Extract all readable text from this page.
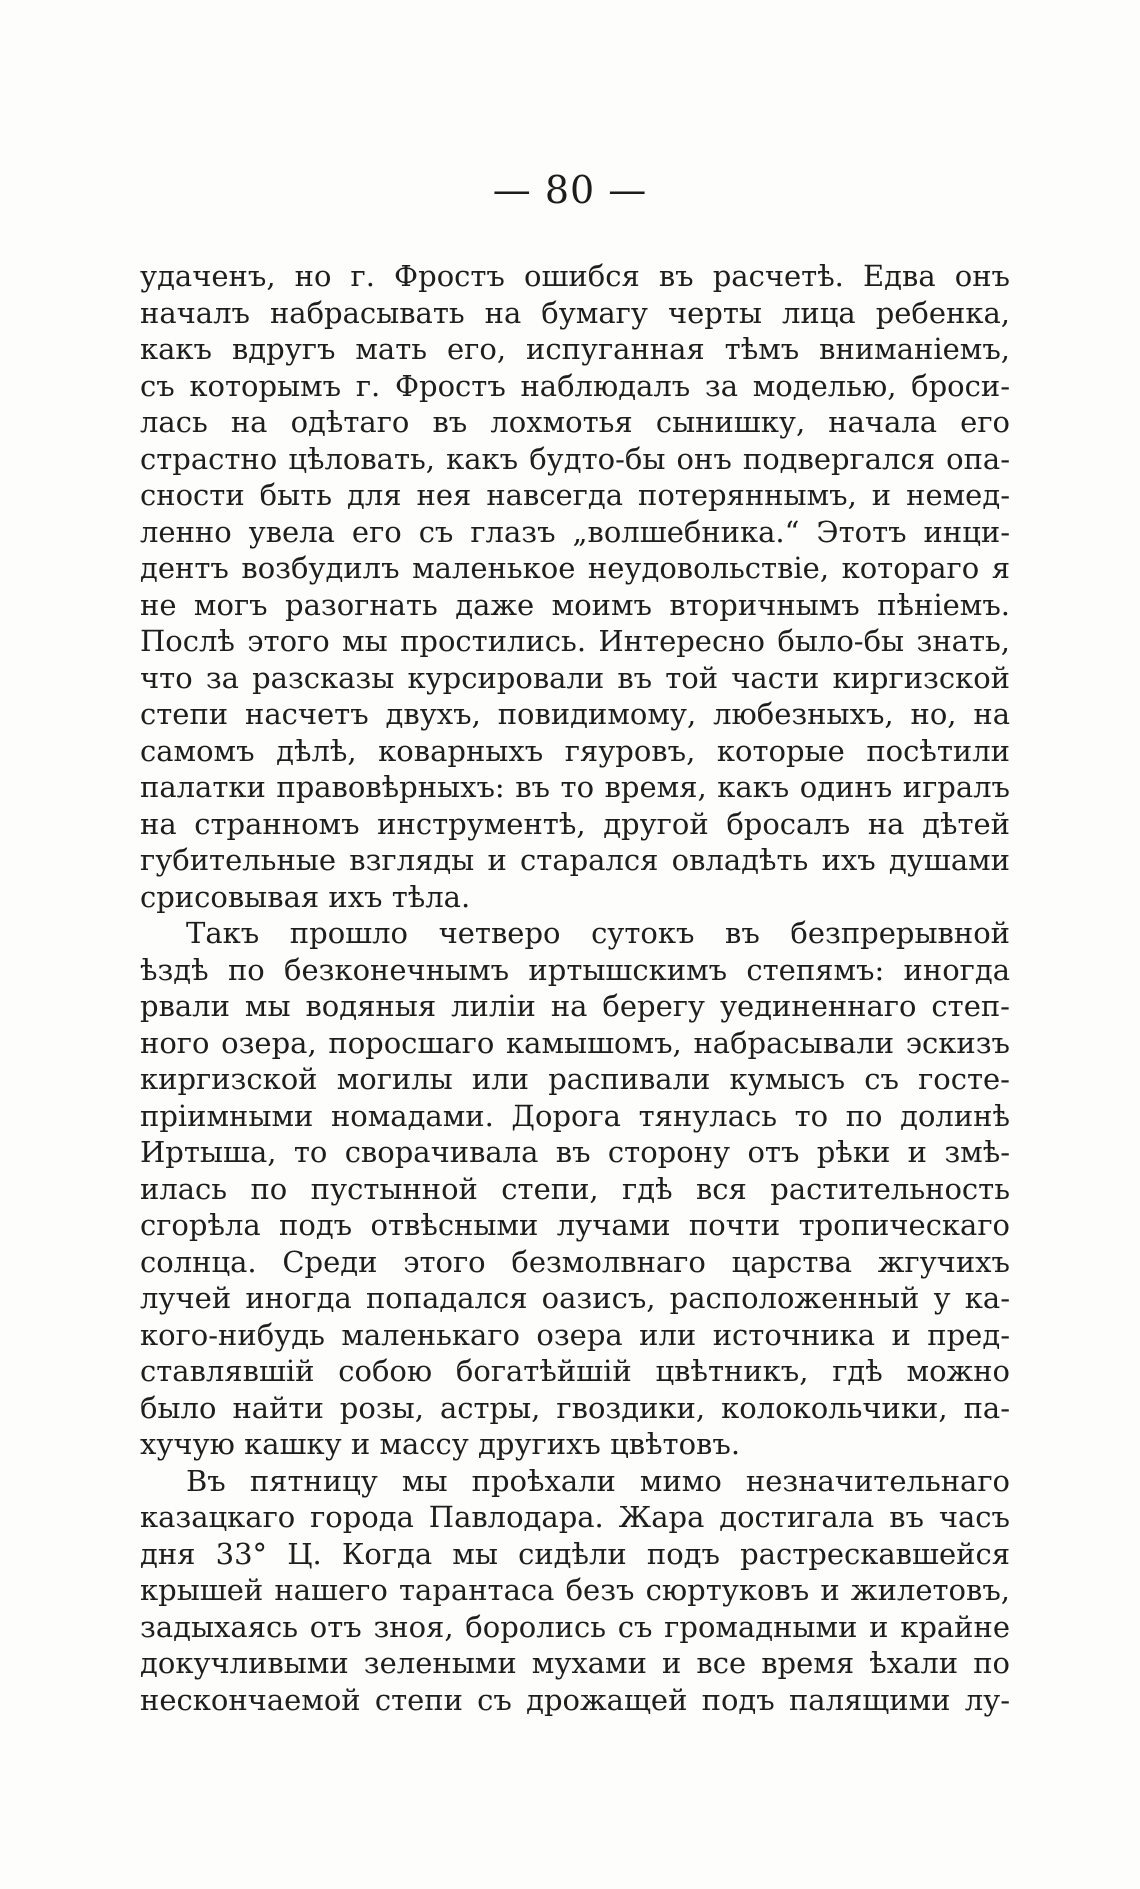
— 80 —
удаченъ, но г. Фростъ ошибся въ расчетѣ. Едва онъ
началъ набрасывать на бумагу черты лица ребенка,
какъ вдругъ мать его, испуганная тѣмъ вниманіемъ,
съ которымъ г. Фростъ наблюдалъ за моделью, броси-
лась на одѣтаго въ лохмотья сынишку, начала его
страстно цѣловать, какъ будто-бы онъ подвергался опа-
сности быть для нея навсегда потеряннымъ, и немед-
ленно увела его съ глазъ „волшебника.“ Этотъ инци-
дентъ возбудилъ маленькое неудовольствіе, котораго я
не могъ разогнать даже моимъ вторичнымъ пѣніемъ.
Послѣ этого мы простились. Интересно было-бы знать,
что за разсказы курсировали въ той части киргизской
степи насчетъ двухъ, повидимому, любезныхъ, но, на
самомъ дѣлѣ, коварныхъ гяуровъ, которые посѣтили
палатки правовѣрныхъ: въ то время, какъ одинъ игралъ
на странномъ инструментѣ, другой бросалъ на дѣтей
губительные взгляды и старался овладѣть ихъ душами
срисовывая ихъ тѣла.
Такъ прошло четверо сутокъ въ безпрерывной
ѣздѣ по безконечнымъ иртышскимъ степямъ: иногда
рвали мы водяныя лиліи на берегу уединеннаго степ-
ного озера, поросшаго камышомъ, набрасывали эскизъ
киргизской могилы или распивали кумысъ съ госте-
пріимными номадами. Дорога тянулась то по долинѣ
Иртыша, то сворачивала въ сторону отъ рѣки и змѣ-
илась по пустынной степи, гдѣ вся растительность
сгорѣла подъ отвѣсными лучами почти тропическаго
солнца. Среди этого безмолвнаго царства жгучихъ
лучей иногда попадался оазисъ, расположенный у ка-
кого-нибудь маленькаго озера или источника и пред-
ставлявшій собою богатѣйшій цвѣтникъ, гдѣ можно
было найти розы, астры, гвоздики, колокольчики, па-
хучую кашку и массу другихъ цвѣтовъ.
Въ пятницу мы проѣхали мимо незначительнаго
казацкаго города Павлодара. Жара достигала въ часъ
дня 33° Ц. Когда мы сидѣли подъ растрескавшейся
крышей нашего тарантаса безъ сюртуковъ и жилетовъ,
задыхаясь отъ зноя, боролись съ громадными и крайне
докучливыми зелеными мухами и все время ѣхали по
нескончаемой степи съ дрожащей подъ палящими лу-
